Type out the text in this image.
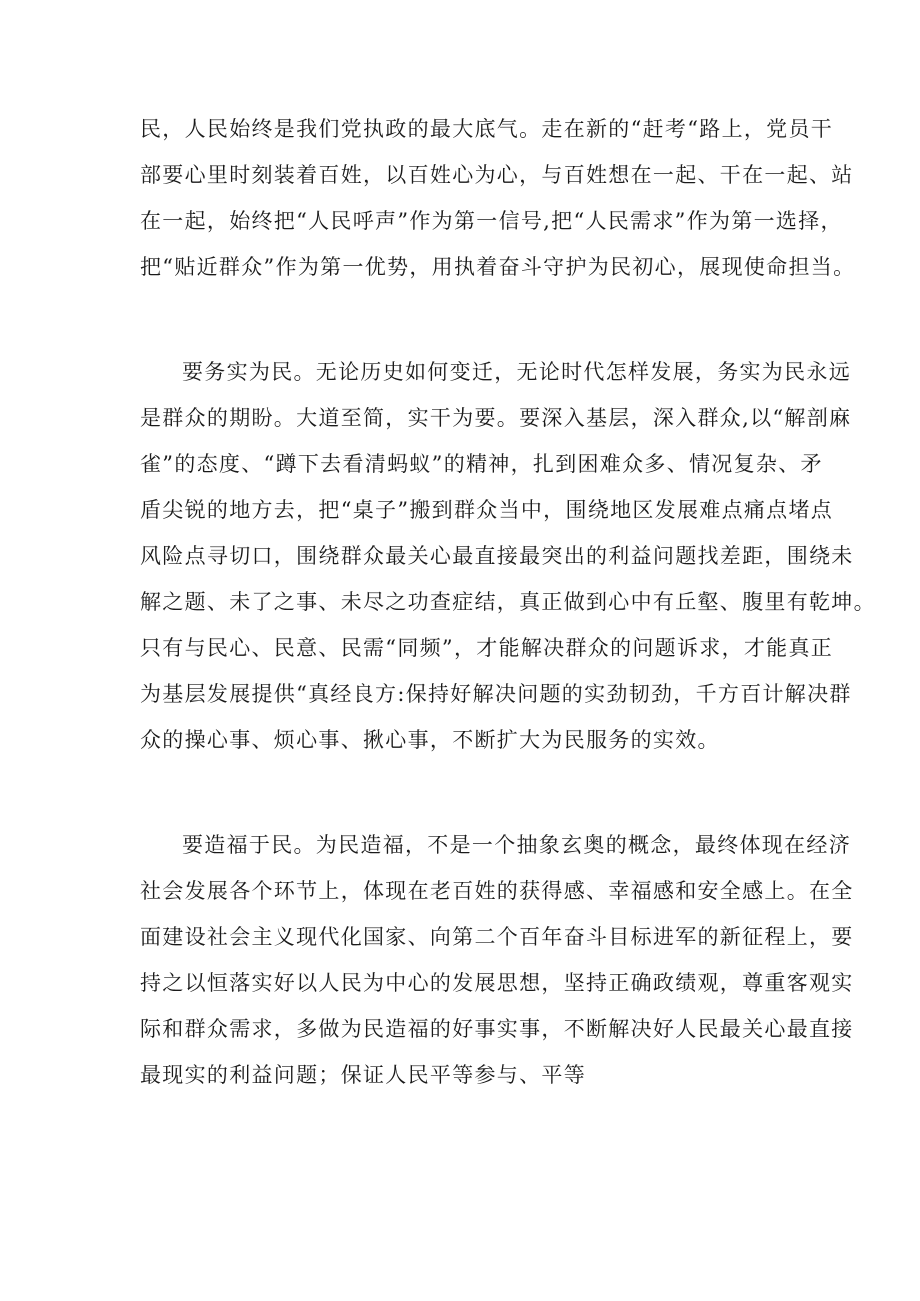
民，人民始终是我们党执政的最大底气。走在新的“赶考“路上，党员干
部要心里时刻装着百姓，以百姓心为心，与百姓想在一起、干在一起、站
在一起，始终把“人民呼声”作为第一信号,把“人民需求”作为第一选择，
把“贴近群众”作为第一优势，用执着奋斗守护为民初心，展现使命担当。
要务实为民。无论历史如何变迁，无论时代怎样发展，务实为民永远
是群众的期盼。大道至简，实干为要。要深入基层，深入群众,以“解剖麻
雀”的态度、“蹲下去看清蚂蚁”的精神，扎到困难众多、情况复杂、矛
盾尖锐的地方去，把“桌子”搬到群众当中，围绕地区发展难点痛点堵点
风险点寻切口，围绕群众最关心最直接最突出的利益问题找差距，围绕未
解之题、未了之事、未尽之功查症结，真正做到心中有丘壑、腹里有乾坤。
只有与民心、民意、民需“同频”，才能解决群众的问题诉求，才能真正
为基层发展提供“真经良方:保持好解决问题的实劲韧劲，千方百计解决群
众的操心事、烦心事、揪心事，不断扩大为民服务的实效。
要造福于民。为民造福，不是一个抽象玄奥的概念，最终体现在经济
社会发展各个环节上，体现在老百姓的获得感、幸福感和安全感上。在全
面建设社会主义现代化国家、向第二个百年奋斗目标进军的新征程上，要
持之以恒落实好以人民为中心的发展思想，坚持正确政绩观，尊重客观实
际和群众需求，多做为民造福的好事实事，不断解决好人民最关心最直接
最现实的利益问题；保证人民平等参与、平等
